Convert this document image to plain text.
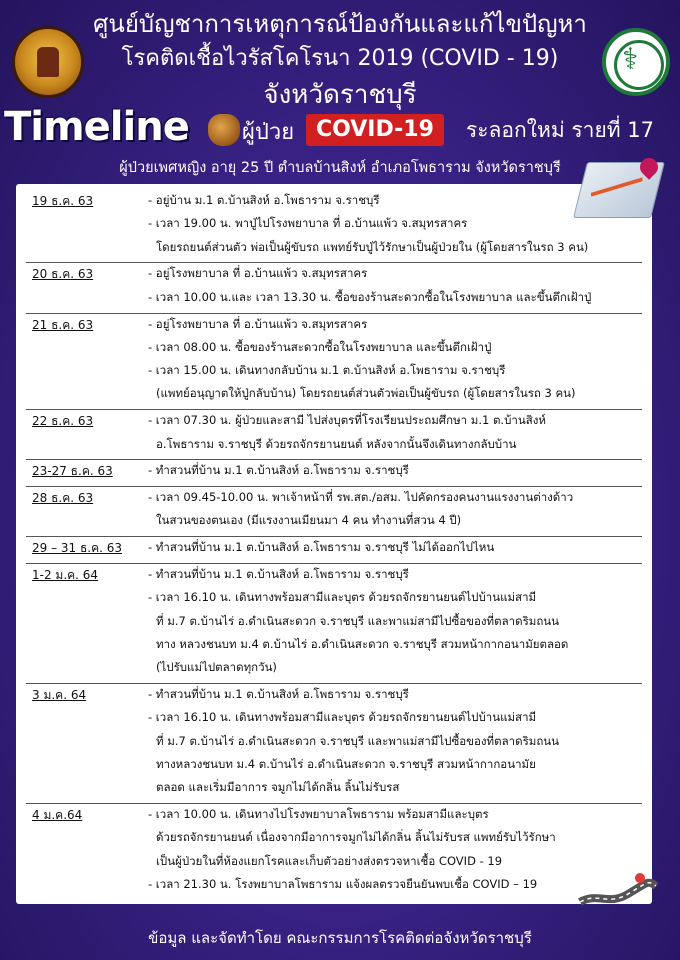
ศูนย์บัญชาการเหตุการณ์ป้องกันและแก้ไขปัญหา
โรคติดเชื้อไวรัสโคโรนา 2019 (COVID - 19)
จังหวัดราชบุรี
⚕
Timeline ผู้ป่วย COVID-19	ระลอกใหม่ รายที่ 17
ผู้ป่วยเพศหญิง อายุ 25 ปี ตำบลบ้านสิงห์ อำเภอโพธาราม จังหวัดราชบุรี
19 ธ.ค. 63	- อยู่บ้าน ม.1 ต.บ้านสิงห์ อ.โพธาราม จ.ราชบุรี
- เวลา 19.00 น. พาปู่ไปโรงพยาบาล ที่ อ.บ้านแพ้ว จ.สมุทรสาคร
โดยรถยนต์ส่วนตัว พ่อเป็นผู้ขับรถ แพทย์รับปู่ไว้รักษาเป็นผู้ป่วยใน (ผู้โดยสารในรถ 3 คน)
20 ธ.ค. 63	- อยู่โรงพยาบาล ที่ อ.บ้านแพ้ว จ.สมุทรสาคร
- เวลา 10.00 น.และ เวลา 13.30 น. ซื้อของร้านสะดวกซื้อในโรงพยาบาล และขึ้นตึกเฝ้าปู่
21 ธ.ค. 63	- อยู่โรงพยาบาล ที่ อ.บ้านแพ้ว จ.สมุทรสาคร
- เวลา 08.00 น. ซื้อของร้านสะดวกซื้อในโรงพยาบาล และขึ้นตึกเฝ้าปู่
- เวลา 15.00 น. เดินทางกลับบ้าน ม.1 ต.บ้านสิงห์ อ.โพธาราม จ.ราชบุรี
(แพทย์อนุญาตให้ปู่กลับบ้าน) โดยรถยนต์ส่วนตัวพ่อเป็นผู้ขับรถ (ผู้โดยสารในรถ 3 คน)
22 ธ.ค. 63	- เวลา 07.30 น. ผู้ป่วยและสามี ไปส่งบุตรที่โรงเรียนประถมศึกษา ม.1 ต.บ้านสิงห์
อ.โพธาราม จ.ราชบุรี ด้วยรถจักรยานยนต์ หลังจากนั้นจึงเดินทางกลับบ้าน
23-27 ธ.ค. 63	- ทำสวนที่บ้าน ม.1 ต.บ้านสิงห์ อ.โพธาราม จ.ราชบุรี
28 ธ.ค. 63	- เวลา 09.45-10.00 น. พาเจ้าหน้าที่ รพ.สต./อสม. ไปคัดกรองคนงานแรงงานต่างด้าว
ในสวนของตนเอง (มีแรงงานเมียนมา 4 คน ทำงานที่สวน 4 ปี)
29 – 31 ธ.ค. 63 - ทำสวนที่บ้าน ม.1 ต.บ้านสิงห์ อ.โพธาราม จ.ราชบุรี ไม่ได้ออกไปไหน
1-2 ม.ค. 64	- ทำสวนที่บ้าน ม.1 ต.บ้านสิงห์ อ.โพธาราม จ.ราชบุรี
- เวลา 16.10 น. เดินทางพร้อมสามีและบุตร ด้วยรถจักรยานยนต์ไปบ้านแม่สามี
ที่ ม.7 ต.บ้านไร่ อ.ดำเนินสะดวก จ.ราชบุรี และพาแม่สามีไปซื้อของที่ตลาดริมถนน
ทาง หลวงชนบท ม.4 ต.บ้านไร่ อ.ดำเนินสะดวก จ.ราชบุรี สวมหน้ากากอนามัยตลอด
(ไปรับแม่ไปตลาดทุกวัน)
3 ม.ค. 64	- ทำสวนที่บ้าน ม.1 ต.บ้านสิงห์ อ.โพธาราม จ.ราชบุรี
- เวลา 16.10 น. เดินทางพร้อมสามีและบุตร ด้วยรถจักรยานยนต์ไปบ้านแม่สามี
ที่ ม.7 ต.บ้านไร่ อ.ดำเนินสะดวก จ.ราชบุรี และพาแม่สามีไปซื้อของที่ตลาดริมถนน
ทางหลวงชนบท ม.4 ต.บ้านไร่ อ.ดำเนินสะดวก จ.ราชบุรี สวมหน้ากากอนามัย
ตลอด และเริ่มมีอาการ จมูกไม่ได้กลิ่น ลิ้นไม่รับรส
4 ม.ค.64	- เวลา 10.00 น. เดินทางไปโรงพยาบาลโพธาราม พร้อมสามีและบุตร
ด้วยรถจักรยานยนต์ เนื่องจากมีอาการจมูกไม่ได้กลิ่น ลิ้นไม่รับรส แพทย์รับไว้รักษา
เป็นผู้ป่วยในที่ห้องแยกโรคและเก็บตัวอย่างส่งตรวจหาเชื้อ COVID - 19
- เวลา 21.30 น. โรงพยาบาลโพธาราม แจ้งผลตรวจยืนยันพบเชื้อ COVID – 19
ข้อมูล และจัดทำโดย คณะกรรมการโรคติดต่อจังหวัดราชบุรี
